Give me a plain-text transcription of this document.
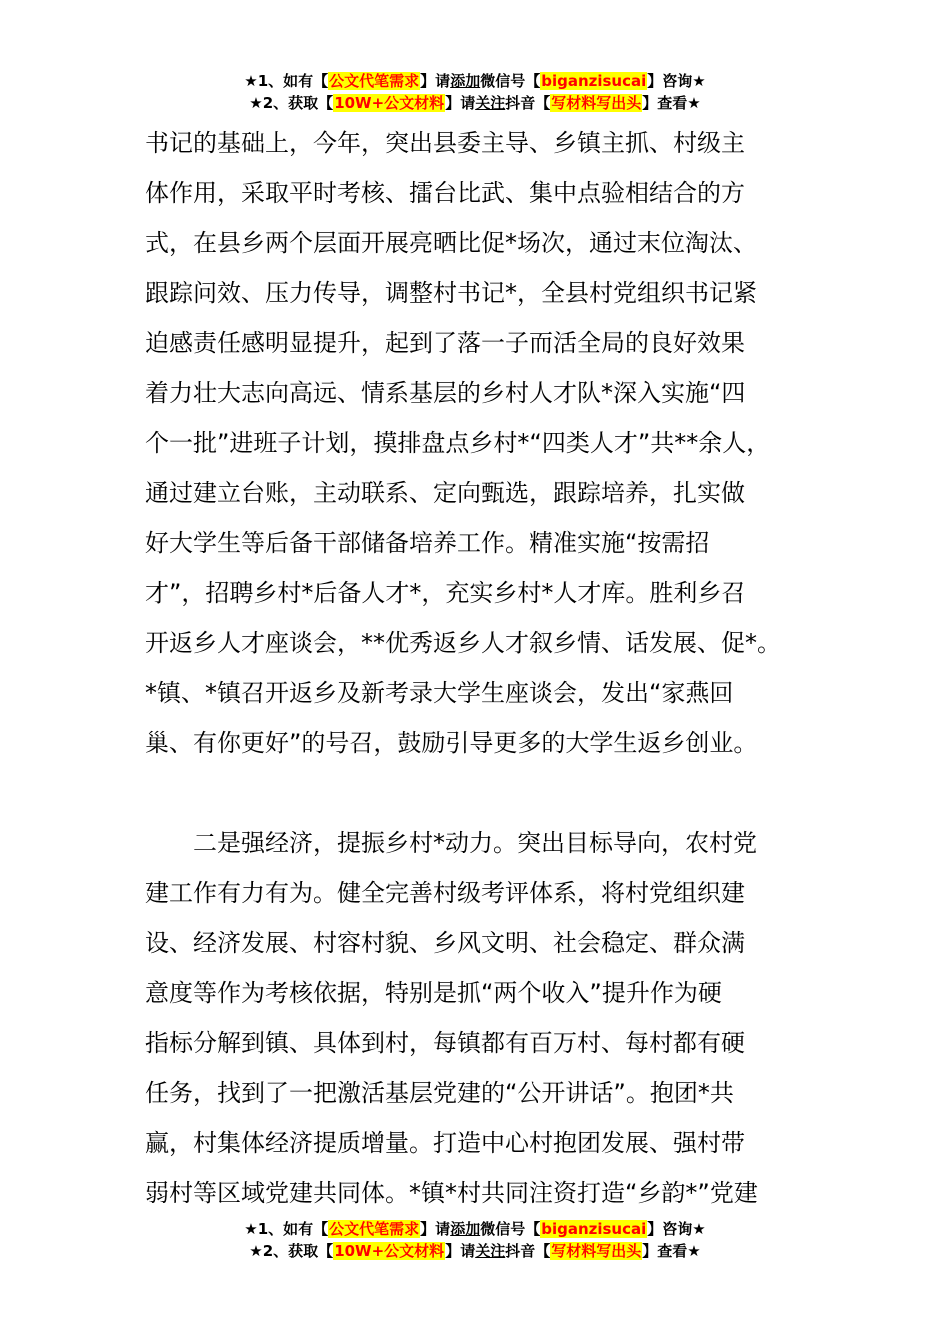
★1、如有【公文代笔需求】请添加微信号【biganzisucai】咨询★
★2、获取【10W+公文材料】请关注抖音【写材料写出头】查看★
书记的基础上，今年，突出县委主导、乡镇主抓、村级主
体作用，采取平时考核、擂台比武、集中点验相结合的方
式，在县乡两个层面开展亮晒比促*场次，通过末位淘汰、
跟踪问效、压力传导，调整村书记*，全县村党组织书记紧
迫感责任感明显提升，起到了落一子而活全局的良好效果
着力壮大志向高远、情系基层的乡村人才队*深入实施“四
个一批”进班子计划，摸排盘点乡村*“四类人才”共**余人，
通过建立台账，主动联系、定向甄选，跟踪培养，扎实做
好大学生等后备干部储备培养工作。精准实施“按需招
才”，招聘乡村*后备人才*，充实乡村*人才库。胜利乡召
开返乡人才座谈会，**优秀返乡人才叙乡情、话发展、促*。
*镇、*镇召开返乡及新考录大学生座谈会，发出“家燕回
巢、有你更好”的号召，鼓励引导更多的大学生返乡创业。
　　二是强经济，提振乡村*动力。突出目标导向，农村党
建工作有力有为。健全完善村级考评体系，将村党组织建
设、经济发展、村容村貌、乡风文明、社会稳定、群众满
意度等作为考核依据，特别是抓“两个收入”提升作为硬
指标分解到镇、具体到村，每镇都有百万村、每村都有硬
任务，找到了一把激活基层党建的“公开讲话”。抱团*共
赢，村集体经济提质增量。打造中心村抱团发展、强村带
弱村等区域党建共同体。*镇*村共同注资打造“乡韵*”党建
★1、如有【公文代笔需求】请添加微信号【biganzisucai】咨询★
★2、获取【10W+公文材料】请关注抖音【写材料写出头】查看★
